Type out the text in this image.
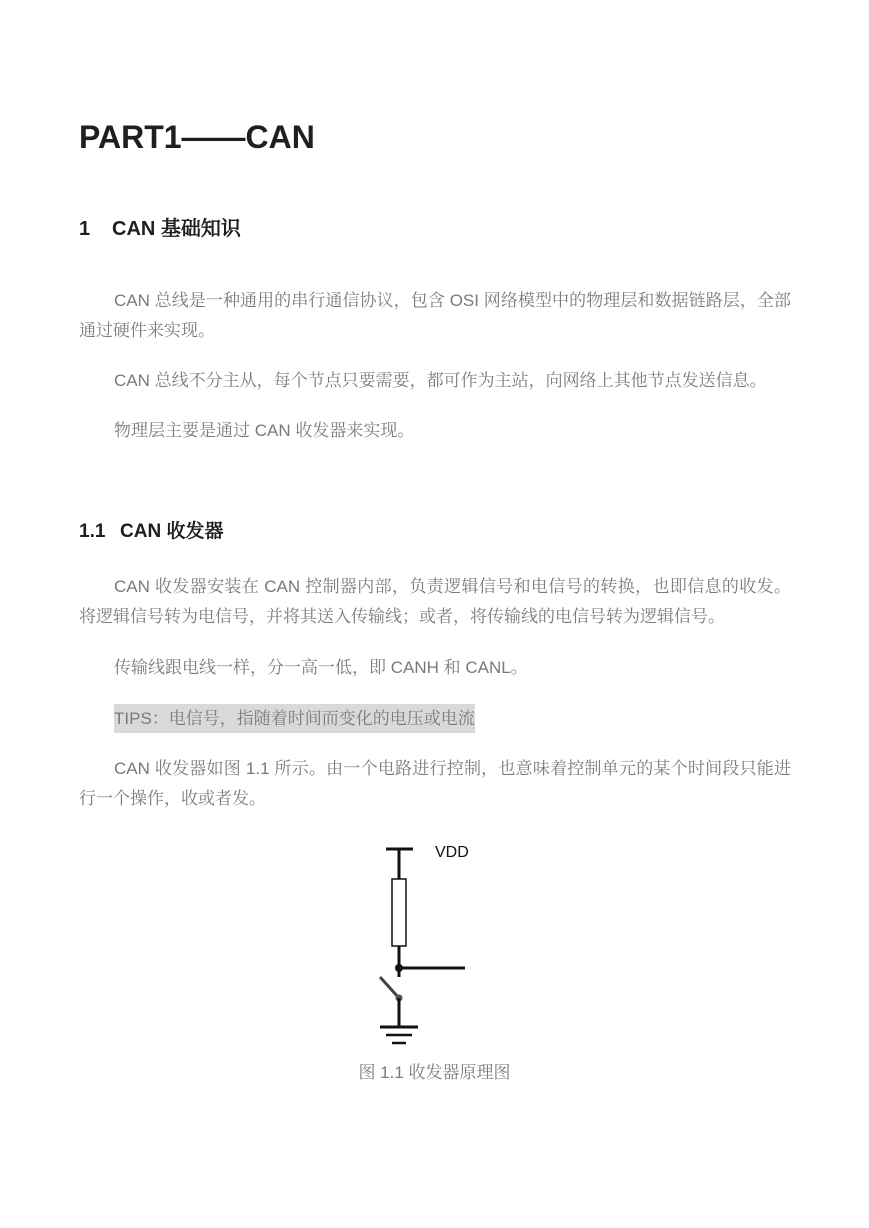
PART1——CAN
1 CAN 基础知识

CAN 总线是一种通用的串行通信协议，包含 OSI 网络模型中的物理层和数据链路层，全部通过硬件来实现。

CAN 总线不分主从，每个节点只要需要，都可作为主站，向网络上其他节点发送信息。

物理层主要是通过 CAN 收发器来实现。

1.1 CAN 收发器

CAN 收发器安装在 CAN 控制器内部，负责逻辑信号和电信号的转换，也即信息的收发。将逻辑信号转为电信号，并将其送入传输线；或者，将传输线的电信号转为逻辑信号。

传输线跟电线一样，分一高一低，即 CANH 和 CANL。

TIPS：电信号，指随着时间而变化的电压或电流

CAN 收发器如图 1.1 所示。由一个电路进行控制，也意味着控制单元的某个时间段只能进行一个操作，收或者发。

VDD
图 1.1 收发器原理图
